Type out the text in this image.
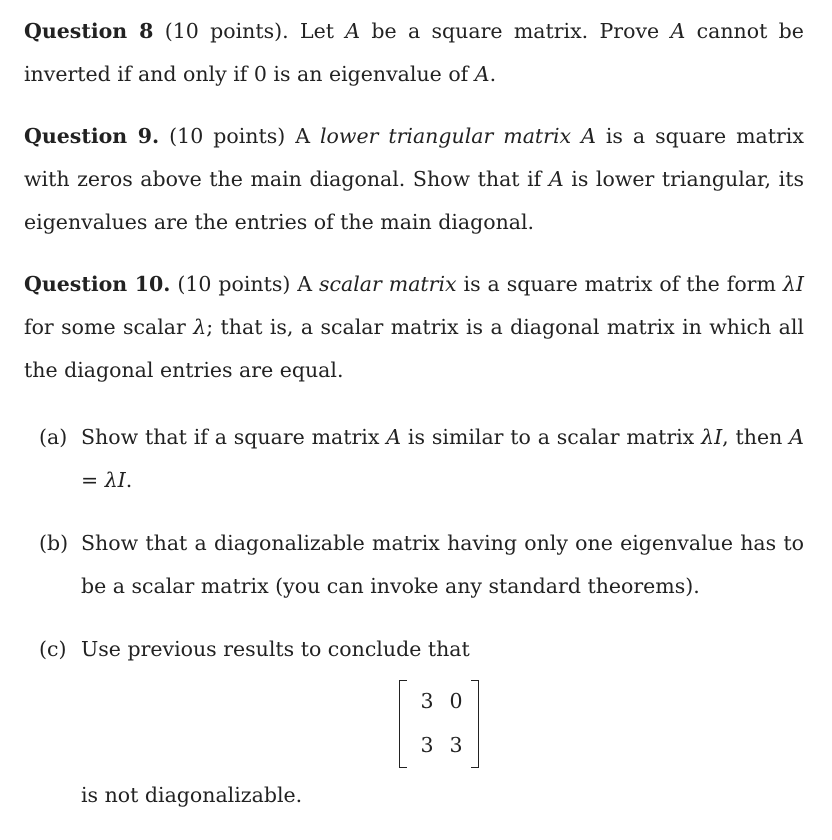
Question 8 (10 points). Let A be a square matrix. Prove A cannot be inverted if and only if 0 is an eigenvalue of A.

Question 9. (10 points) A lower triangular matrix A is a square matrix with zeros above the main diagonal. Show that if A is lower triangular, its eigenvalues are the entries of the main diagonal.

Question 10. (10 points) A scalar matrix is a square matrix of the form λI for some scalar λ; that is, a scalar matrix is a diagonal matrix in which all the diagonal entries are equal.

(a) Show that if a square matrix A is similar to a scalar matrix λI, then A = λI.
(b) Show that a diagonalizable matrix having only one eigenvalue has to be a scalar matrix (you can invoke any standard theorems).
(c) Use previous results to conclude that
3 0
3 3
is not diagonalizable.
